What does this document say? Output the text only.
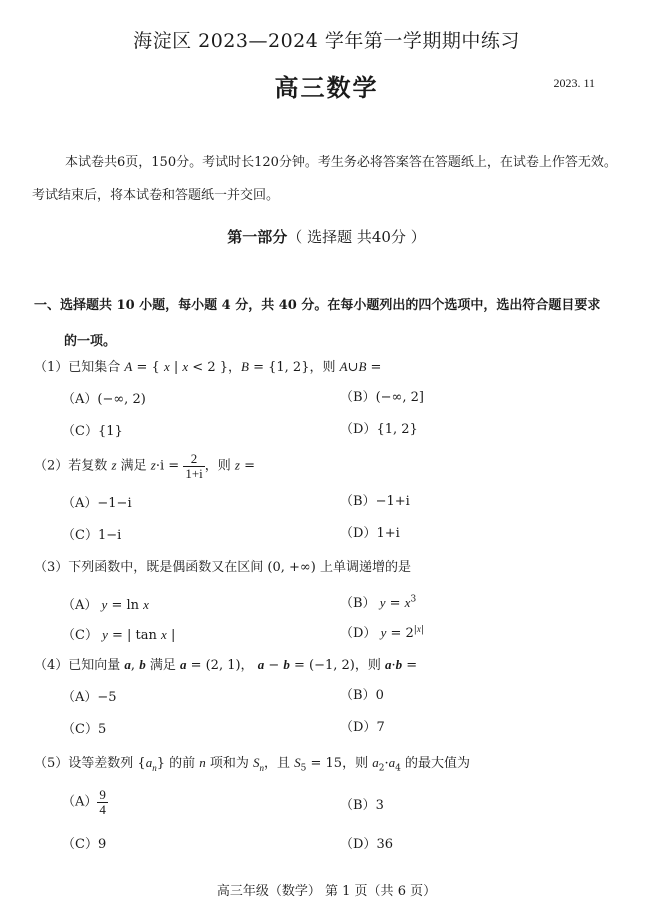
海淀区 2023—2024 学年第一学期期中练习
高三数学	2023. 11
本试卷共6页，150分。考试时长120分钟。考生务必将答案答在答题纸上，在试卷上作答无效。考试结束后，将本试卷和答题纸一并交回。
第一部分（ 选择题 共40分 ）
一、选择题共 10 小题，每小题 4 分，共 40 分。在每小题列出的四个选项中，选出符合题目要求
的一项。
（1）已知集合 A = { x | x < 2 }，B = {1, 2}，则 A∪B =
（A）(−∞, 2)	（B）(−∞, 2]
（C）{1}	（D）{1, 2}
（2）若复数 z 满足 $z\cdot i = \frac{2}{1+i}$ ，则 z =
（A）−1−i	（B）−1+i
（C）1−i	（D）1+i
（3）下列函数中，既是偶函数又在区间 (0, +∞) 上单调递增的是
（A） y = ln x	（B） $y = x^3$
（C） y = | tan x |	（D） $y = 2^{|x|}$
（4）已知向量 a, b 满足 a = (2, 1)， a − b = (−1, 2)，则 a·b =
（A）−5	（B）0
（C）5	（D）7
（5）设等差数列 $\{a_n\}$ 的前 n 项和为 $S_n$，且 $S_5 = 15$，则 $a_2\cdot a_4$ 的最大值为
$(A) \frac{9}{4}$	（B）3
（C）9	（D）36
高三年级（数学） 第 1 页（共 6 页）
